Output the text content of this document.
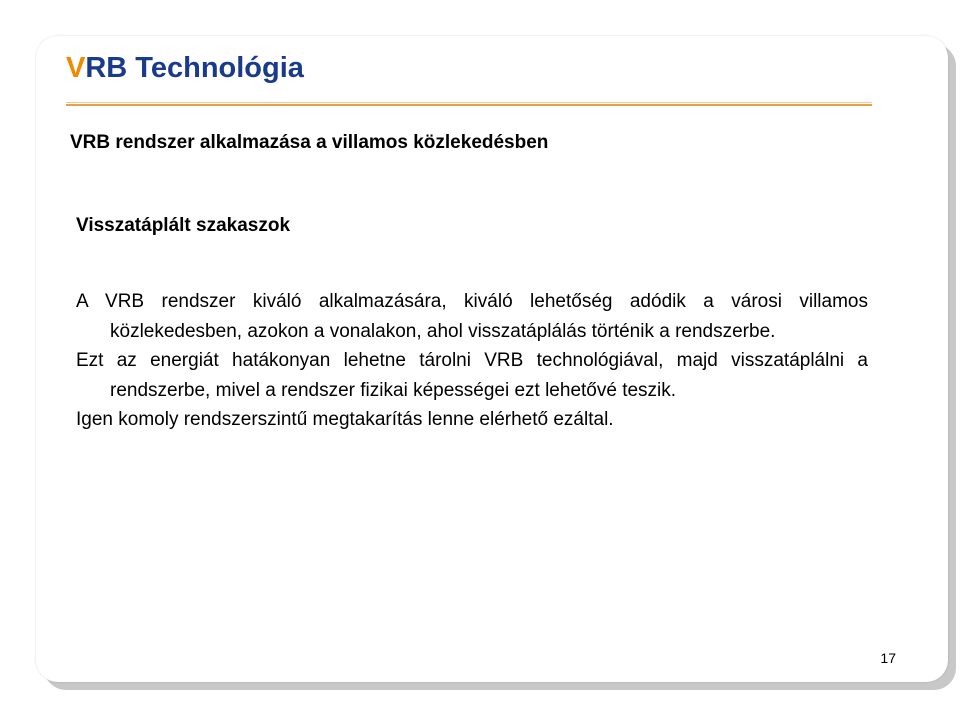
VRB Technológia
VRB rendszer alkalmazása a villamos közlekedésben
Visszatáplált szakaszok

A VRB rendszer kiváló alkalmazására, kiváló lehetőség adódik a városi villamos közlekedesben, azokon a vonalakon, ahol visszatáplálás történik a rendszerbe.

Ezt az energiát hatákonyan lehetne tárolni VRB technológiával, majd visszatáplálni a rendszerbe, mivel a rendszer fizikai képességei ezt lehetővé teszik.

Igen komoly rendszerszintű megtakarítás lenne elérhető ezáltal.

17
